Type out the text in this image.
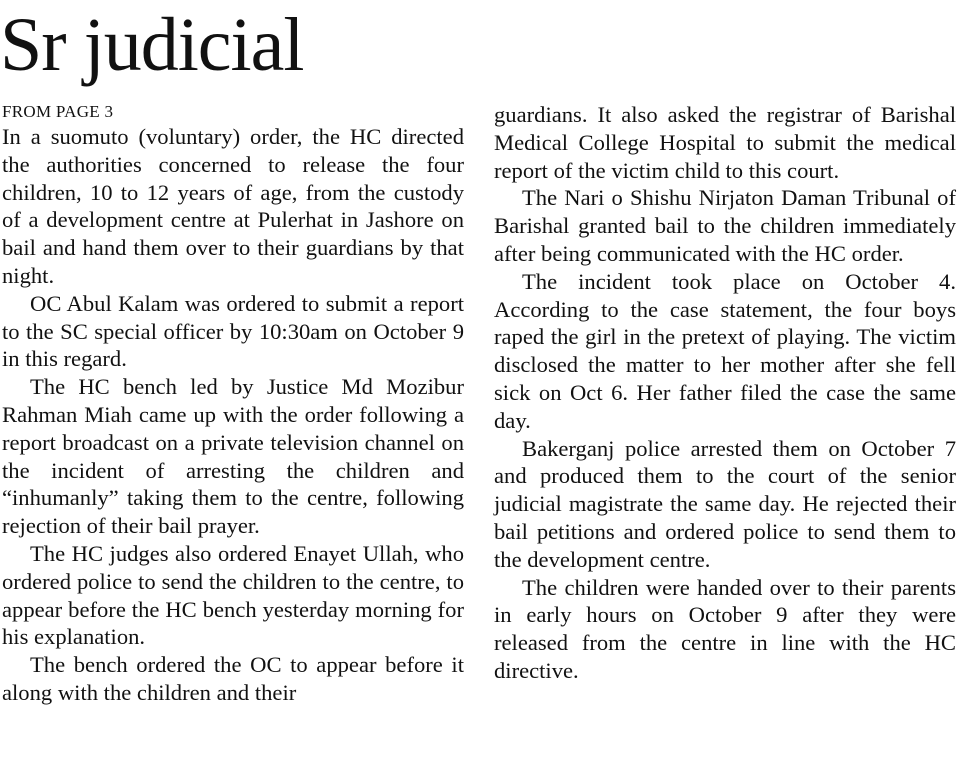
Sr judicial
FROM PAGE 3

In a suomuto (voluntary) order, the HC directed the authorities concerned to release the four children, 10 to 12 years of age, from the custody of a development centre at Pulerhat in Jashore on bail and hand them over to their guardians by that night.

OC Abul Kalam was ordered to submit a report to the SC special officer by 10:30am on October 9 in this regard.

The HC bench led by Justice Md Mozibur Rahman Miah came up with the order following a report broadcast on a private television channel on the incident of arresting the children and “inhumanly” taking them to the centre, following rejection of their bail prayer.

The HC judges also ordered Enayet Ullah, who ordered police to send the children to the centre, to appear before the HC bench yesterday morning for his explanation.

The bench ordered the OC to appear before it along with the children and their

guardians. It also asked the registrar of Barishal Medical College Hospital to submit the medical report of the victim child to this court.

The Nari o Shishu Nirjaton Daman Tribunal of Barishal granted bail to the children immediately after being communicated with the HC order.

The incident took place on October 4. According to the case statement, the four boys raped the girl in the pretext of playing. The victim disclosed the matter to her mother after she fell sick on Oct 6. Her father filed the case the same day.

Bakerganj police arrested them on October 7 and produced them to the court of the senior judicial magistrate the same day. He rejected their bail petitions and ordered police to send them to the development centre.

The children were handed over to their parents in early hours on October 9 after they were released from the centre in line with the HC directive.
